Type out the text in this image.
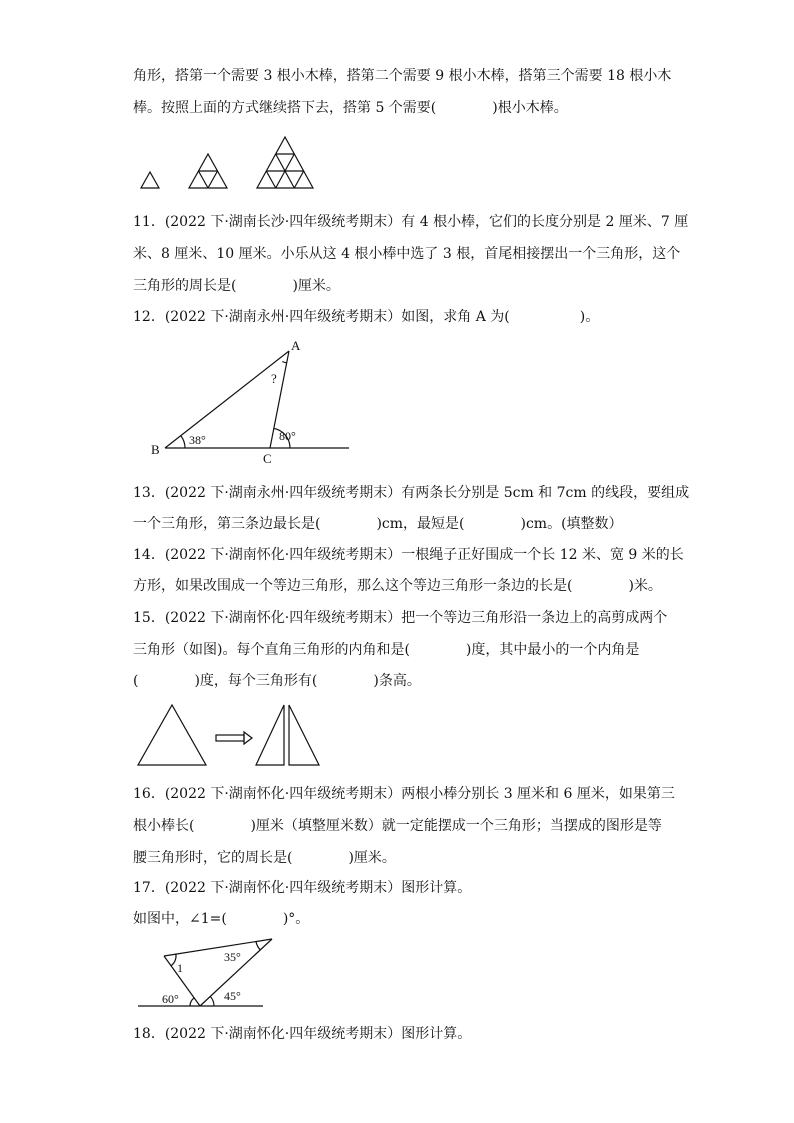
角形，搭第一个需要 3 根小木棒，搭第二个需要 9 根小木棒，搭第三个需要 18 根小木
棒。按照上面的方式继续搭下去，搭第 5 个需要(　　　　)根小木棒。
11．(2022 下·湖南长沙·四年级统考期末）有 4 根小棒，它们的长度分别是 2 厘米、7 厘
米、8 厘米、10 厘米。小乐从这 4 根小棒中选了 3 根，首尾相接摆出一个三角形，这个
三角形的周长是(　　　　)厘米。
12．(2022 下·湖南永州·四年级统考期末）如图，求角 A 为(　　　　　)。
A
B
C
?
38°	80°
13．(2022 下·湖南永州·四年级统考期末）有两条长分别是 5cm 和 7cm 的线段，要组成
一个三角形，第三条边最长是(　　　　)cm，最短是(　　　　)cm。(填整数）
14．(2022 下·湖南怀化·四年级统考期末）一根绳子正好围成一个长 12 米、宽 9 米的长
方形，如果改围成一个等边三角形，那么这个等边三角形一条边的长是(　　　　)米。
15．(2022 下·湖南怀化·四年级统考期末）把一个等边三角形沿一条边上的高剪成两个
三角形（如图)。每个直角三角形的内角和是(　　　　)度，其中最小的一个内角是
(　　　　)度，每个三角形有(　　　　)条高。
16．(2022 下·湖南怀化·四年级统考期末）两根小棒分别长 3 厘米和 6 厘米，如果第三
根小棒长(　　　　)厘米（填整厘米数）就一定能摆成一个三角形；当摆成的图形是等
腰三角形时，它的周长是(　　　　)厘米。
17．(2022 下·湖南怀化·四年级统考期末）图形计算。
如图中，∠1=(　　　　)°。
1
35°
60°	45°
18．(2022 下·湖南怀化·四年级统考期末）图形计算。
